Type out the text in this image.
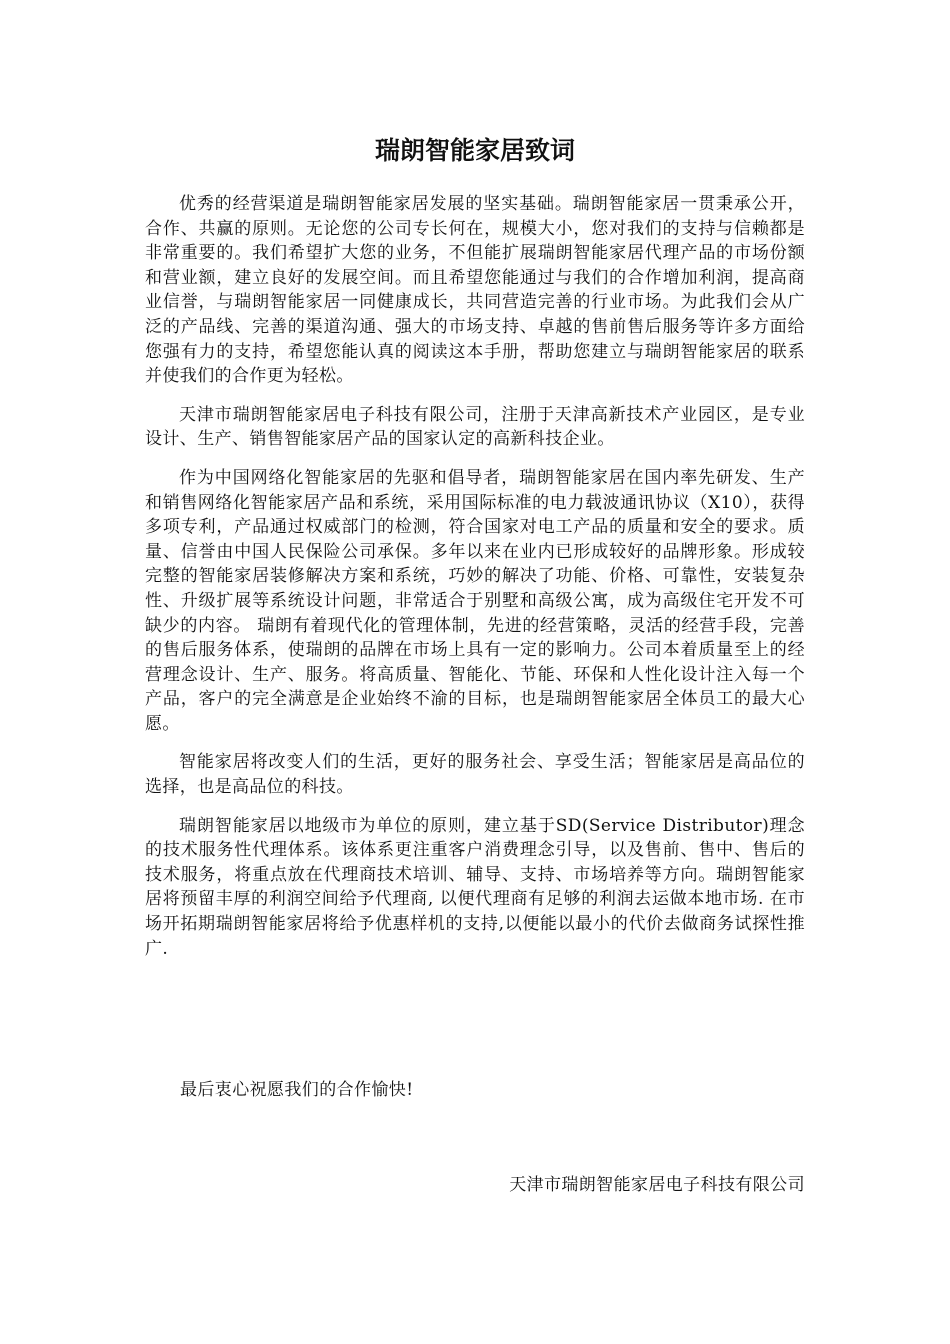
瑞朗智能家居致词

优秀的经营渠道是瑞朗智能家居发展的坚实基础。瑞朗智能家居一贯秉承公开，合作、共赢的原则。无论您的公司专长何在，规模大小，您对我们的支持与信赖都是非常重要的。我们希望扩大您的业务，不但能扩展瑞朗智能家居代理产品的市场份额和营业额，建立良好的发展空间。而且希望您能通过与我们的合作增加利润，提高商业信誉，与瑞朗智能家居一同健康成长，共同营造完善的行业市场。为此我们会从广泛的产品线、完善的渠道沟通、强大的市场支持、卓越的售前售后服务等许多方面给您强有力的支持，希望您能认真的阅读这本手册，帮助您建立与瑞朗智能家居的联系并使我们的合作更为轻松。

天津市瑞朗智能家居电子科技有限公司，注册于天津高新技术产业园区，是专业设计、生产、销售智能家居产品的国家认定的高新科技企业。

作为中国网络化智能家居的先驱和倡导者，瑞朗智能家居在国内率先研发、生产和销售网络化智能家居产品和系统，采用国际标准的电力载波通讯协议（X10），获得多项专利，产品通过权威部门的检测，符合国家对电工产品的质量和安全的要求。质量、信誉由中国人民保险公司承保。多年以来在业内已形成较好的品牌形象。形成较完整的智能家居装修解决方案和系统，巧妙的解决了功能、价格、可靠性，安装复杂性、升级扩展等系统设计问题，非常适合于别墅和高级公寓，成为高级住宅开发不可缺少的内容。 瑞朗有着现代化的管理体制，先进的经营策略，灵活的经营手段，完善的售后服务体系，使瑞朗的品牌在市场上具有一定的影响力。公司本着质量至上的经营理念设计、生产、服务。将高质量、智能化、节能、环保和人性化设计注入每一个产品，客户的完全满意是企业始终不渝的目标，也是瑞朗智能家居全体员工的最大心愿。

智能家居将改变人们的生活，更好的服务社会、享受生活；智能家居是高品位的选择，也是高品位的科技。

瑞朗智能家居以地级市为单位的原则，建立基于SD(Service Distributor)理念的技术服务性代理体系。该体系更注重客户消费理念引导，以及售前、售中、售后的技术服务，将重点放在代理商技术培训、辅导、支持、市场培养等方向。瑞朗智能家居将预留丰厚的利润空间给予代理商, 以便代理商有足够的利润去运做本地市场. 在市场开拓期瑞朗智能家居将给予优惠样机的支持,以便能以最小的代价去做商务试探性推广.

最后衷心祝愿我们的合作愉快!

天津市瑞朗智能家居电子科技有限公司
